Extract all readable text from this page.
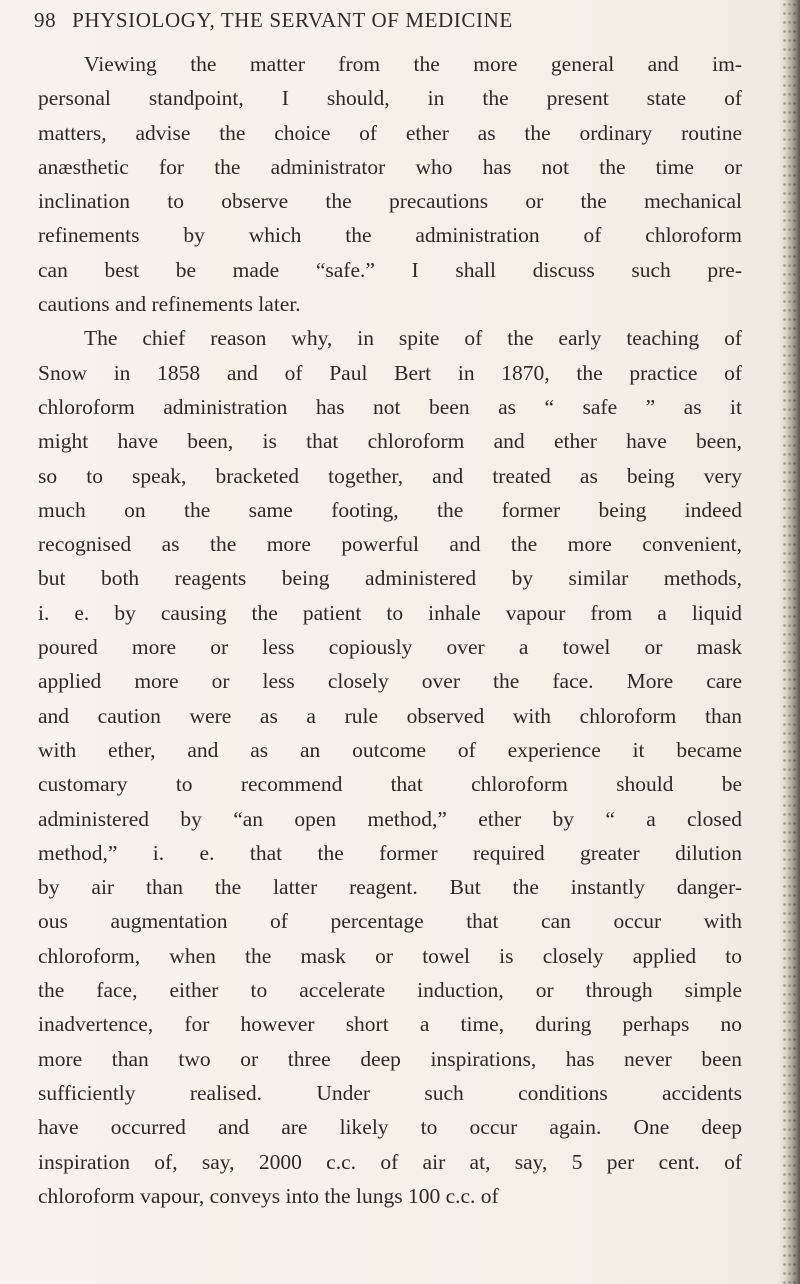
98 PHYSIOLOGY, THE SERVANT OF MEDICINE
Viewing the matter from the more general and im-
personal standpoint, I should, in the present state of
matters, advise the choice of ether as the ordinary routine
anæsthetic for the administrator who has not the time or
inclination to observe the precautions or the mechanical
refinements by which the administration of chloroform
can best be made “safe.” I shall discuss such pre-
cautions and refinements later.
The chief reason why, in spite of the early teaching of
Snow in 1858 and of Paul Bert in 1870, the practice of
chloroform administration has not been as “ safe ” as it
might have been, is that chloroform and ether have been,
so to speak, bracketed together, and treated as being very
much on the same footing, the former being indeed
recognised as the more powerful and the more convenient,
but both reagents being administered by similar methods,
i. e. by causing the patient to inhale vapour from a liquid
poured more or less copiously over a towel or mask
applied more or less closely over the face. More care
and caution were as a rule observed with chloroform than
with ether, and as an outcome of experience it became
customary to recommend that chloroform should be
administered by “an open method,” ether by “ a closed
method,” i. e. that the former required greater dilution
by air than the latter reagent. But the instantly danger-
ous augmentation of percentage that can occur with
chloroform, when the mask or towel is closely applied to
the face, either to accelerate induction, or through simple
inadvertence, for however short a time, during perhaps no
more than two or three deep inspirations, has never been
sufficiently realised. Under such conditions accidents
have occurred and are likely to occur again. One deep
inspiration of, say, 2000 c.c. of air at, say, 5 per cent. of
chloroform vapour, conveys into the lungs 100 c.c. of
